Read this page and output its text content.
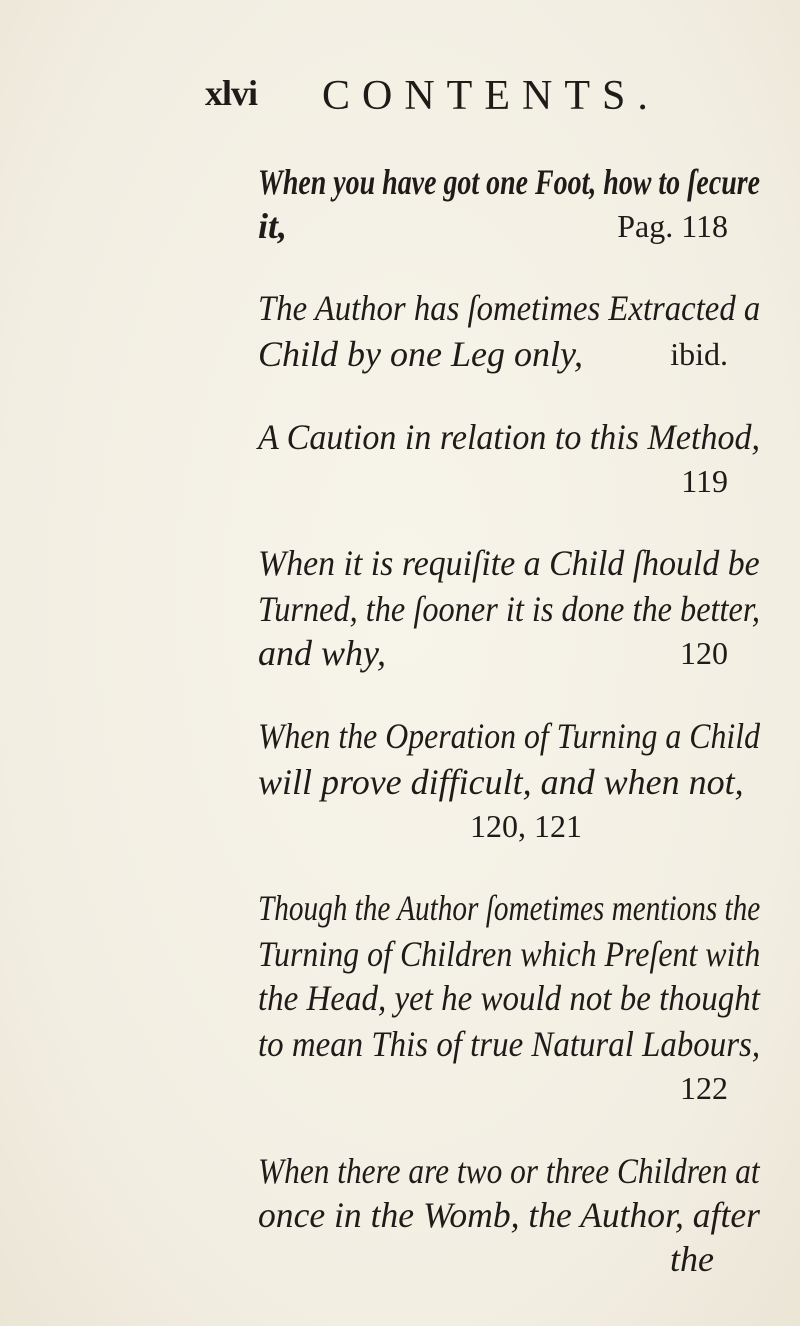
xlvi CONTENTS.
When you have got one Foot, how to ſecure
it,	Pag. 118
The Author has ſometimes Extracted a
Child by one Leg only,	ibid.
A Caution in relation to this Method,
119
When it is requiſite a Child ſhould be
Turned, the ſooner it is done the better,
and why,	120
When the Operation of Turning a Child
will prove difficult, and when not,
120, 121
Though the Author ſometimes mentions the
Turning of Children which Preſent with
the Head, yet he would not be thought
to mean This of true Natural Labours,
122
When there are two or three Children at
once in the Womb, the Author, after
the
